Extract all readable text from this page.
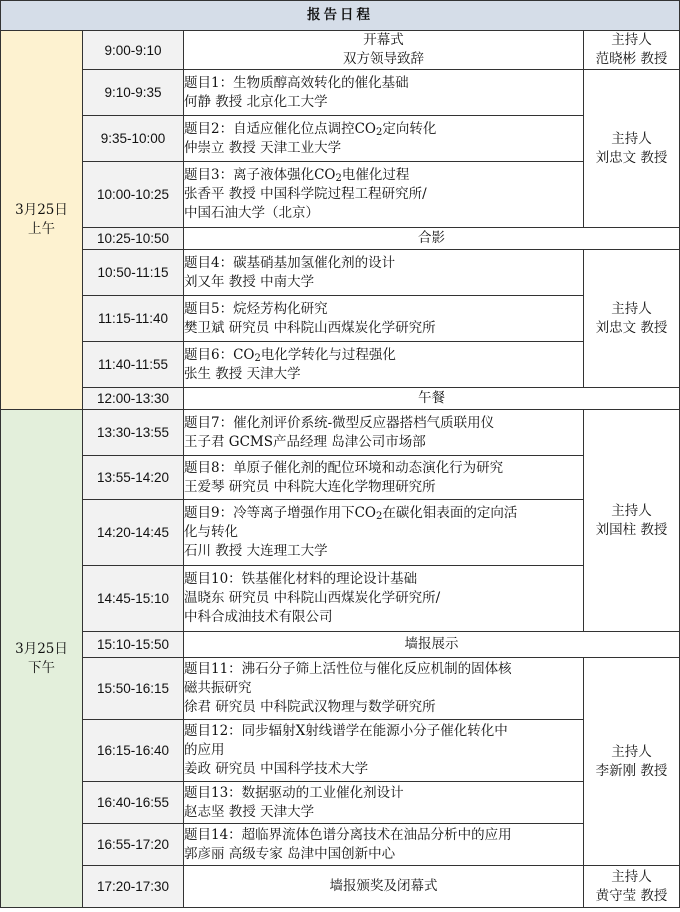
报告日程			

3月25日
上午	9:00-9:10	开幕式
双方领导致辞	主持人
范晓彬 教授

	9:10-9:35	题目1：生物质醇高效转化的催化基础
何静 教授 北京化工大学	主持人
刘忠文 教授

	9:35-10:00	题目2：自适应催化位点调控$CO_2$定向转化
仲崇立 教授 天津工业大学	

	10:00-10:25	题目3：离子液体强化$CO_2$电催化过程
张香平 教授 中国科学院过程工程研究所/
中国石油大学（北京）	

	10:25-10:50	合影	
	10:50-11:15	题目4：碳基硝基加氢催化剂的设计
刘又年 教授 中南大学	主持人
刘忠文 教授

	11:15-11:40	题目5：烷烃芳构化研究
樊卫斌 研究员 中科院山西煤炭化学研究所	

	11:40-11:55	题目6：$CO_2$电化学转化与过程强化
张生 教授 天津大学	

	12:00-13:30	午餐	

3月25日
下午	13:30-13:55	题目7：催化剂评价系统-微型反应器搭档气质联用仪
王子君 GCMS产品经理 岛津公司市场部	主持人
刘国柱 教授

	13:55-14:20	题目8：单原子催化剂的配位环境和动态演化行为研究
王爱琴 研究员 中科院大连化学物理研究所	

	14:20-14:45	题目9：冷等离子增强作用下$CO_2$在碳化钼表面的定向活
化与转化
石川 教授 大连理工大学	

	14:45-15:10	题目10：铁基催化材料的理论设计基础
温晓东 研究员 中科院山西煤炭化学研究所/
中科合成油技术有限公司	

	15:10-15:50	墙报展示	
	15:50-16:15	题目11：沸石分子筛上活性位与催化反应机制的固体核
磁共振研究
徐君 研究员 中科院武汉物理与数学研究所	主持人
李新刚 教授

	16:15-16:40	题目12：同步辐射X射线谱学在能源小分子催化转化中
的应用
姜政 研究员 中国科学技术大学	

	16:40-16:55	题目13：数据驱动的工业催化剂设计
赵志坚 教授 天津大学	

	16:55-17:20	题目14：超临界流体色谱分离技术在油品分析中的应用
郭彦丽 高级专家 岛津中国创新中心	

	17:20-17:30	墙报颁奖及闭幕式	主持人
黄守莹 教授
